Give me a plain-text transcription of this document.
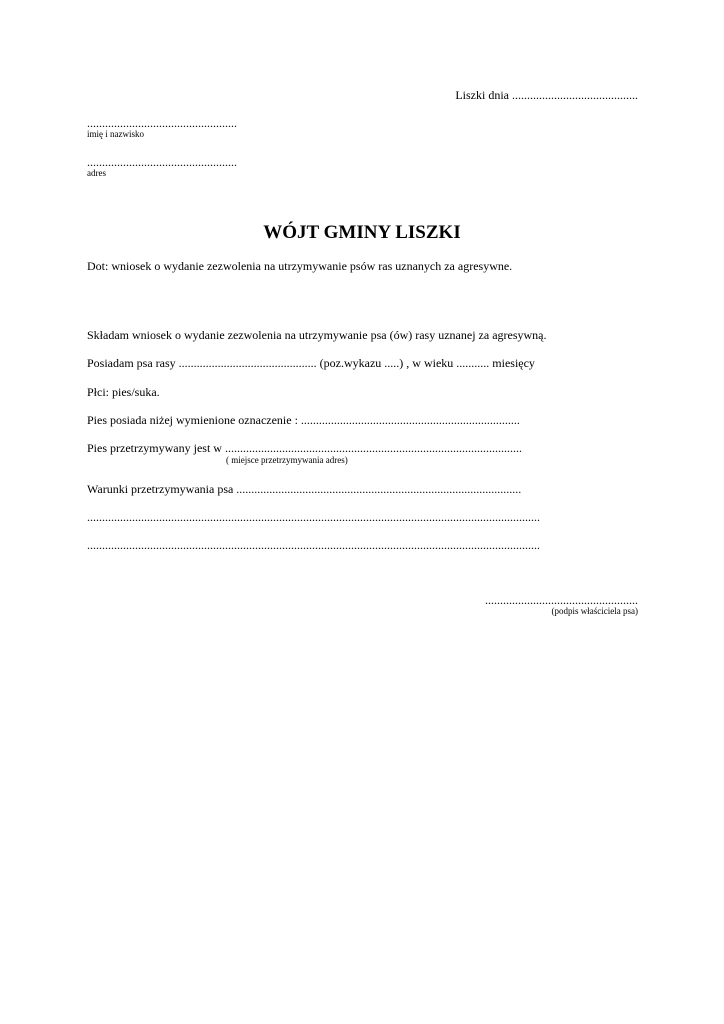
Liszki dnia ..........................................
..................................................
imię i nazwisko
..................................................
adres
WÓJT GMINY LISZKI
Dot: wniosek o wydanie zezwolenia na utrzymywanie psów ras uznanych za agresywne.
Składam wniosek o wydanie zezwolenia na utrzymywanie psa (ów) rasy uznanej za agresywną.
Posiadam psa rasy .............................................. (poz.wykazu .....) , w wieku ........... miesięcy
Płci: pies/suka.
Pies posiada niżej wymienione oznaczenie : .........................................................................
Pies przetrzymywany jest w ...................................................................................................
( miejsce przetrzymywania adres)
Warunki przetrzymywania psa ...............................................................................................
.......................................................................................................................................................
.......................................................................................................................................................
...................................................
(podpis właściciela psa)
